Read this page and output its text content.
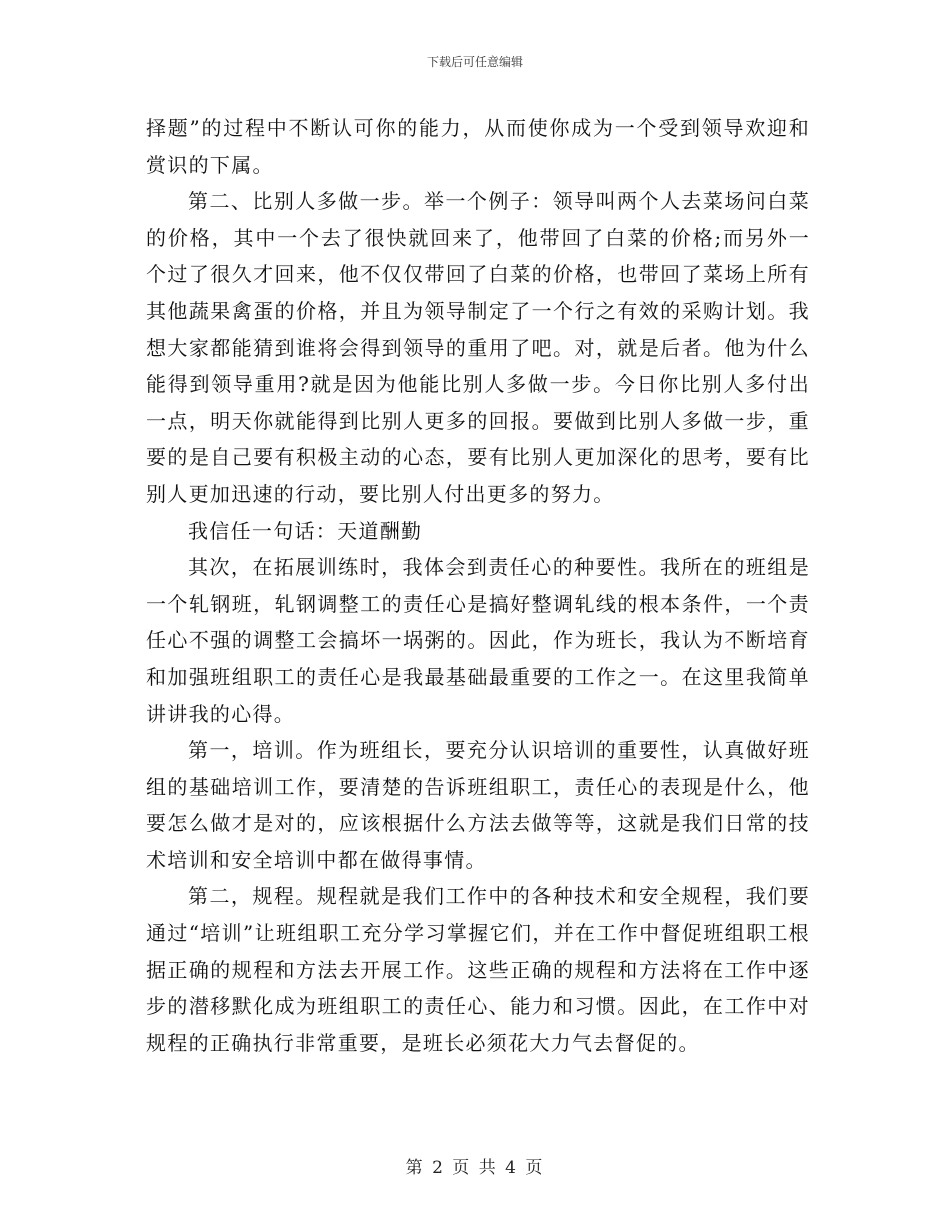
下载后可任意编辑

择题”的过程中不断认可你的能力，从而使你成为一个受到领导欢迎和赏识的下属。

第二、比别人多做一步。举一个例子：领导叫两个人去菜场问白菜的价格，其中一个去了很快就回来了，他带回了白菜的价格;而另外一个过了很久才回来，他不仅仅带回了白菜的价格，也带回了菜场上所有其他蔬果禽蛋的价格，并且为领导制定了一个行之有效的采购计划。我想大家都能猜到谁将会得到领导的重用了吧。对，就是后者。他为什么能得到领导重用?就是因为他能比别人多做一步。今日你比别人多付出一点，明天你就能得到比别人更多的回报。要做到比别人多做一步，重要的是自己要有积极主动的心态，要有比别人更加深化的思考，要有比别人更加迅速的行动，要比别人付出更多的努力。

我信任一句话：天道酬勤

其次，在拓展训练时，我体会到责任心的种要性。我所在的班组是一个轧钢班，轧钢调整工的责任心是搞好整调轧线的根本条件，一个责任心不强的调整工会搞坏一埚粥的。因此，作为班长，我认为不断培育和加强班组职工的责任心是我最基础最重要的工作之一。在这里我简单讲讲我的心得。

第一，培训。作为班组长，要充分认识培训的重要性，认真做好班组的基础培训工作，要清楚的告诉班组职工，责任心的表现是什么，他要怎么做才是对的，应该根据什么方法去做等等，这就是我们日常的技术培训和安全培训中都在做得事情。

第二，规程。规程就是我们工作中的各种技术和安全规程，我们要通过“培训”让班组职工充分学习掌握它们，并在工作中督促班组职工根据正确的规程和方法去开展工作。这些正确的规程和方法将在工作中逐步的潜移默化成为班组职工的责任心、能力和习惯。因此，在工作中对规程的正确执行非常重要，是班长必须花大力气去督促的。

第 2 页 共 4 页
